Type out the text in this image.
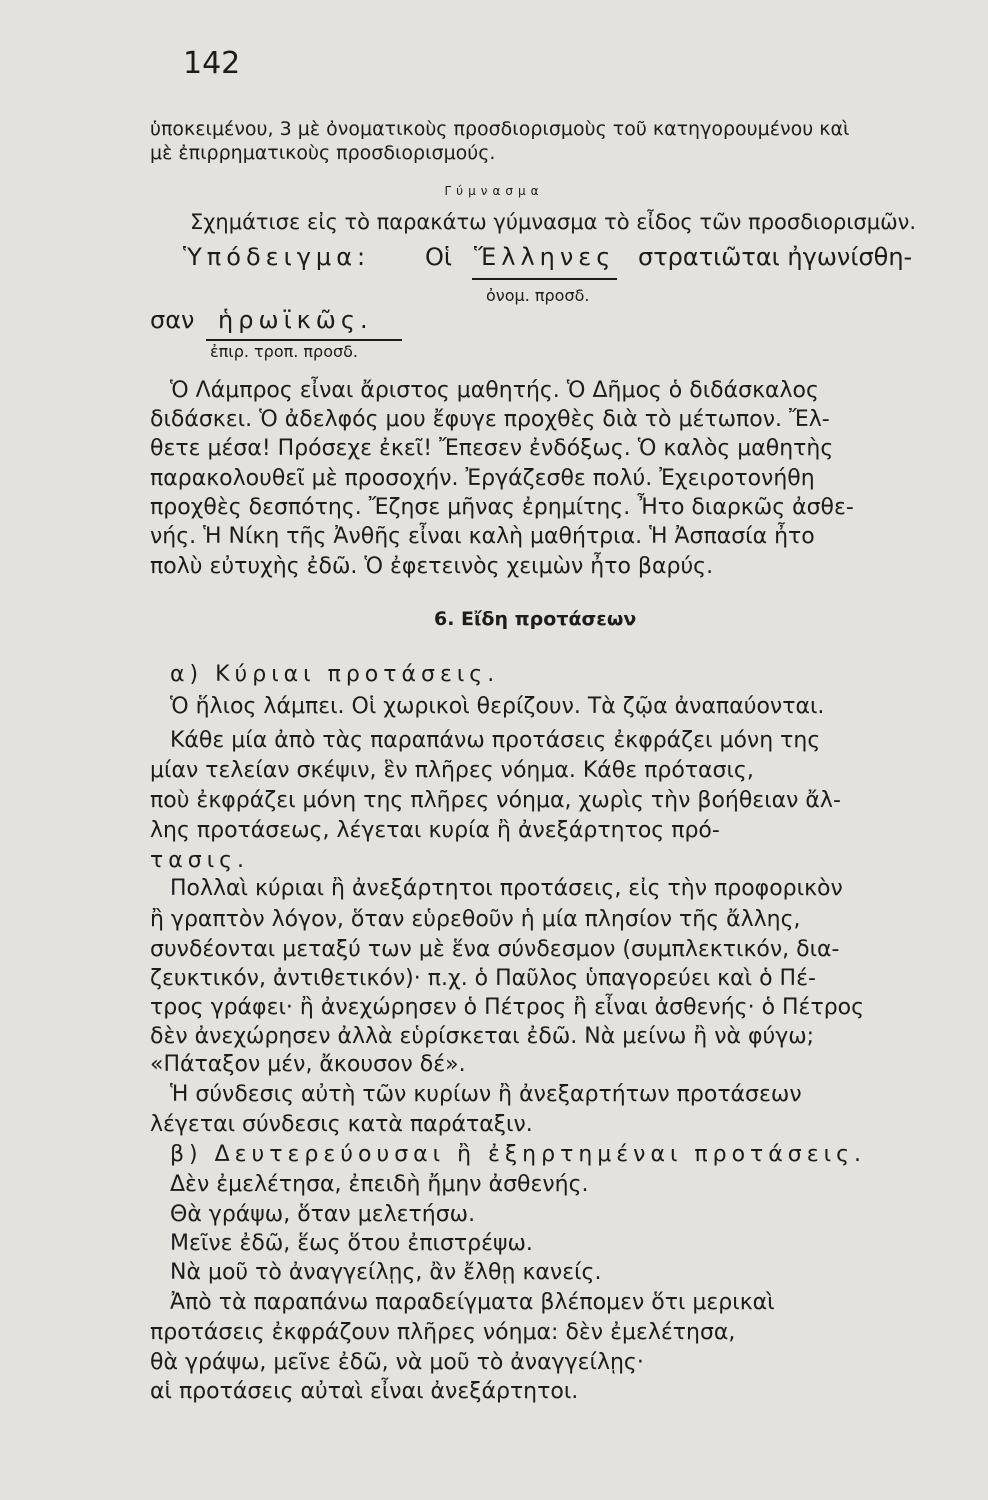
142
ὑποκειμένου, 3 μὲ ὀνοματικοὺς προσδιορισμοὺς τοῦ κατηγορουμένου καὶ
μὲ ἐπιρρηματικοὺς προσδιορισμούς.
Γύμνασμα
Σχημάτισε εἰς τὸ παρακάτω γύμνασμα τὸ εἶδος τῶν προσδιορισμῶν.
Ὑπόδειγμα: Οἱ Ἕλληνες στρατιῶται ἠγωνίσθη-
ὀνομ. προσδ.
σαν ἡρωϊκῶς.
ἐπιρ. τροπ. προσδ.
Ὁ Λάμπρος εἶναι ἄριστος μαθητής. Ὁ Δῆμος ὁ διδάσκαλος
διδάσκει. Ὁ ἀδελφός μου ἔφυγε προχθὲς διὰ τὸ μέτωπον. Ἔλ-
θετε μέσα! Πρόσεχε ἐκεῖ! Ἔπεσεν ἐνδόξως. Ὁ καλὸς μαθητὴς
παρακολουθεῖ μὲ προσοχήν. Ἐργάζεσθε πολύ. Ἐχειροτονήθη
προχθὲς δεσπότης. Ἔζησε μῆνας ἐρημίτης. Ἦτο διαρκῶς ἀσθε-
νής. Ἡ Νίκη τῆς Ἀνθῆς εἶναι καλὴ μαθήτρια. Ἡ Ἀσπασία ἦτο
πολὺ εὐτυχὴς ἐδῶ. Ὁ ἐφετεινὸς χειμὼν ἦτο βαρύς.
6. Εἴδη προτάσεων
α) Κύριαι προτάσεις.
Ὁ ἥλιος λάμπει. Οἱ χωρικοὶ θερίζουν. Τὰ ζῷα ἀναπαύονται.
Κάθε μία ἀπὸ τὰς παραπάνω προτάσεις ἐκφράζει μόνη της
μίαν τελείαν σκέψιν, ἓν πλῆρες νόημα. Κάθε πρότασις,
ποὺ ἐκφράζει μόνη της πλῆρες νόημα, χωρὶς τὴν βοήθειαν ἄλ-
λης προτάσεως, λέγεται κυρία ἢ ἀνεξάρτητος πρό-
τασις.
Πολλαὶ κύριαι ἢ ἀνεξάρτητοι προτάσεις, εἰς τὴν προφορικὸν
ἢ γραπτὸν λόγον, ὅταν εὑρεθοῦν ἡ μία πλησίον τῆς ἄλλης,
συνδέονται μεταξύ των μὲ ἕνα σύνδεσμον (συμπλεκτικόν, δια-
ζευκτικόν, ἀντιθετικόν)· π.χ. ὁ Παῦλος ὑπαγορεύει καὶ ὁ Πέ-
τρος γράφει· ἢ ἀνεχώρησεν ὁ Πέτρος ἢ εἶναι ἀσθενής· ὁ Πέτρος
δὲν ἀνεχώρησεν ἀλλὰ εὑρίσκεται ἐδῶ. Νὰ μείνω ἢ νὰ φύγω;
«Πάταξον μέν, ἄκουσον δέ».
Ἡ σύνδεσις αὐτὴ τῶν κυρίων ἢ ἀνεξαρτήτων προτάσεων
λέγεται σύνδεσις κατὰ παράταξιν.
β) Δευτερεύουσαι ἢ ἐξηρτημέναι προτάσεις.
Δὲν ἐμελέτησα, ἐπειδὴ ἤμην ἀσθενής.
Θὰ γράψω, ὅταν μελετήσω.
Μεῖνε ἐδῶ, ἕως ὅτου ἐπιστρέψω.
Νὰ μοῦ τὸ ἀναγγείλῃς, ἂν ἔλθῃ κανείς.
Ἀπὸ τὰ παραπάνω παραδείγματα βλέπομεν ὅτι μερικαὶ
προτάσεις ἐκφράζουν πλῆρες νόημα: δὲν ἐμελέτησα,
θὰ γράψω, μεῖνε ἐδῶ, νὰ μοῦ τὸ ἀναγγείλῃς·
αἱ προτάσεις αὐταὶ εἶναι ἀνεξάρτητοι.
